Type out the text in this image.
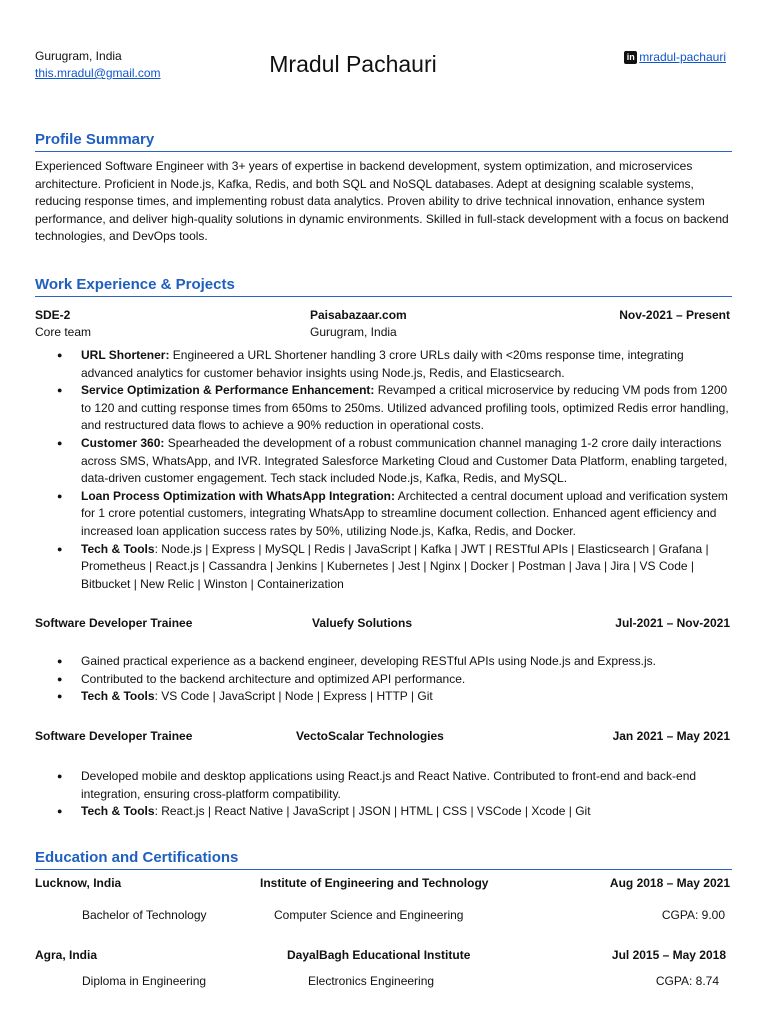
Gurugram, India
this.mradul@gmail.com	Mradul Pachauri	in mradul-pachauri
Profile Summary
Experienced Software Engineer with 3+ years of expertise in backend development, system optimization, and microservices architecture. Proficient in Node.js, Kafka, Redis, and both SQL and NoSQL databases. Adept at designing scalable systems, reducing response times, and implementing robust data analytics. Proven ability to drive technical innovation, enhance system performance, and deliver high-quality solutions in dynamic environments. Skilled in full-stack development with a focus on backend technologies, and DevOps tools.
Work Experience & Projects
SDE-2	Paisabazaar.com	Nov-2021 – Present
Core team	Gurugram, India
● URL Shortener: Engineered a URL Shortener handling 3 crore URLs daily with <20ms response time, integrating advanced analytics for customer behavior insights using Node.js, Redis, and Elasticsearch.
● Service Optimization & Performance Enhancement: Revamped a critical microservice by reducing VM pods from 1200 to 120 and cutting response times from 650ms to 250ms. Utilized advanced profiling tools, optimized Redis error handling, and restructured data flows to achieve a 90% reduction in operational costs.
● Customer 360: Spearheaded the development of a robust communication channel managing 1-2 crore daily interactions across SMS, WhatsApp, and IVR. Integrated Salesforce Marketing Cloud and Customer Data Platform, enabling targeted, data-driven customer engagement. Tech stack included Node.js, Kafka, Redis, and MySQL.
● Loan Process Optimization with WhatsApp Integration: Architected a central document upload and verification system for 1 crore potential customers, integrating WhatsApp to streamline document collection. Enhanced agent efficiency and increased loan application success rates by 50%, utilizing Node.js, Kafka, Redis, and Docker.
● Tech & Tools: Node.js | Express | MySQL | Redis | JavaScript | Kafka | JWT | RESTful APIs | Elasticsearch | Grafana | Prometheus | React.js | Cassandra | Jenkins | Kubernetes | Jest | Nginx | Docker | Postman | Java | Jira | VS Code | Bitbucket | New Relic | Winston | Containerization
Software Developer Trainee	Valuefy Solutions	Jul-2021 – Nov-2021
● Gained practical experience as a backend engineer, developing RESTful APIs using Node.js and Express.js.
● Contributed to the backend architecture and optimized API performance.
● Tech & Tools: VS Code | JavaScript | Node | Express | HTTP | Git
Software Developer Trainee	VectoScalar Technologies	Jan 2021 – May 2021
● Developed mobile and desktop applications using React.js and React Native. Contributed to front-end and back-end integration, ensuring cross-platform compatibility.
● Tech & Tools: React.js | React Native | JavaScript | JSON | HTML | CSS | VSCode | Xcode | Git
Education and Certifications
Lucknow, India	Institute of Engineering and Technology	Aug 2018 – May 2021
Bachelor of Technology	Computer Science and Engineering	CGPA: 9.00
Agra, India	DayalBagh Educational Institute	Jul 2015 – May 2018
Diploma in Engineering	Electronics Engineering	CGPA: 8.74
